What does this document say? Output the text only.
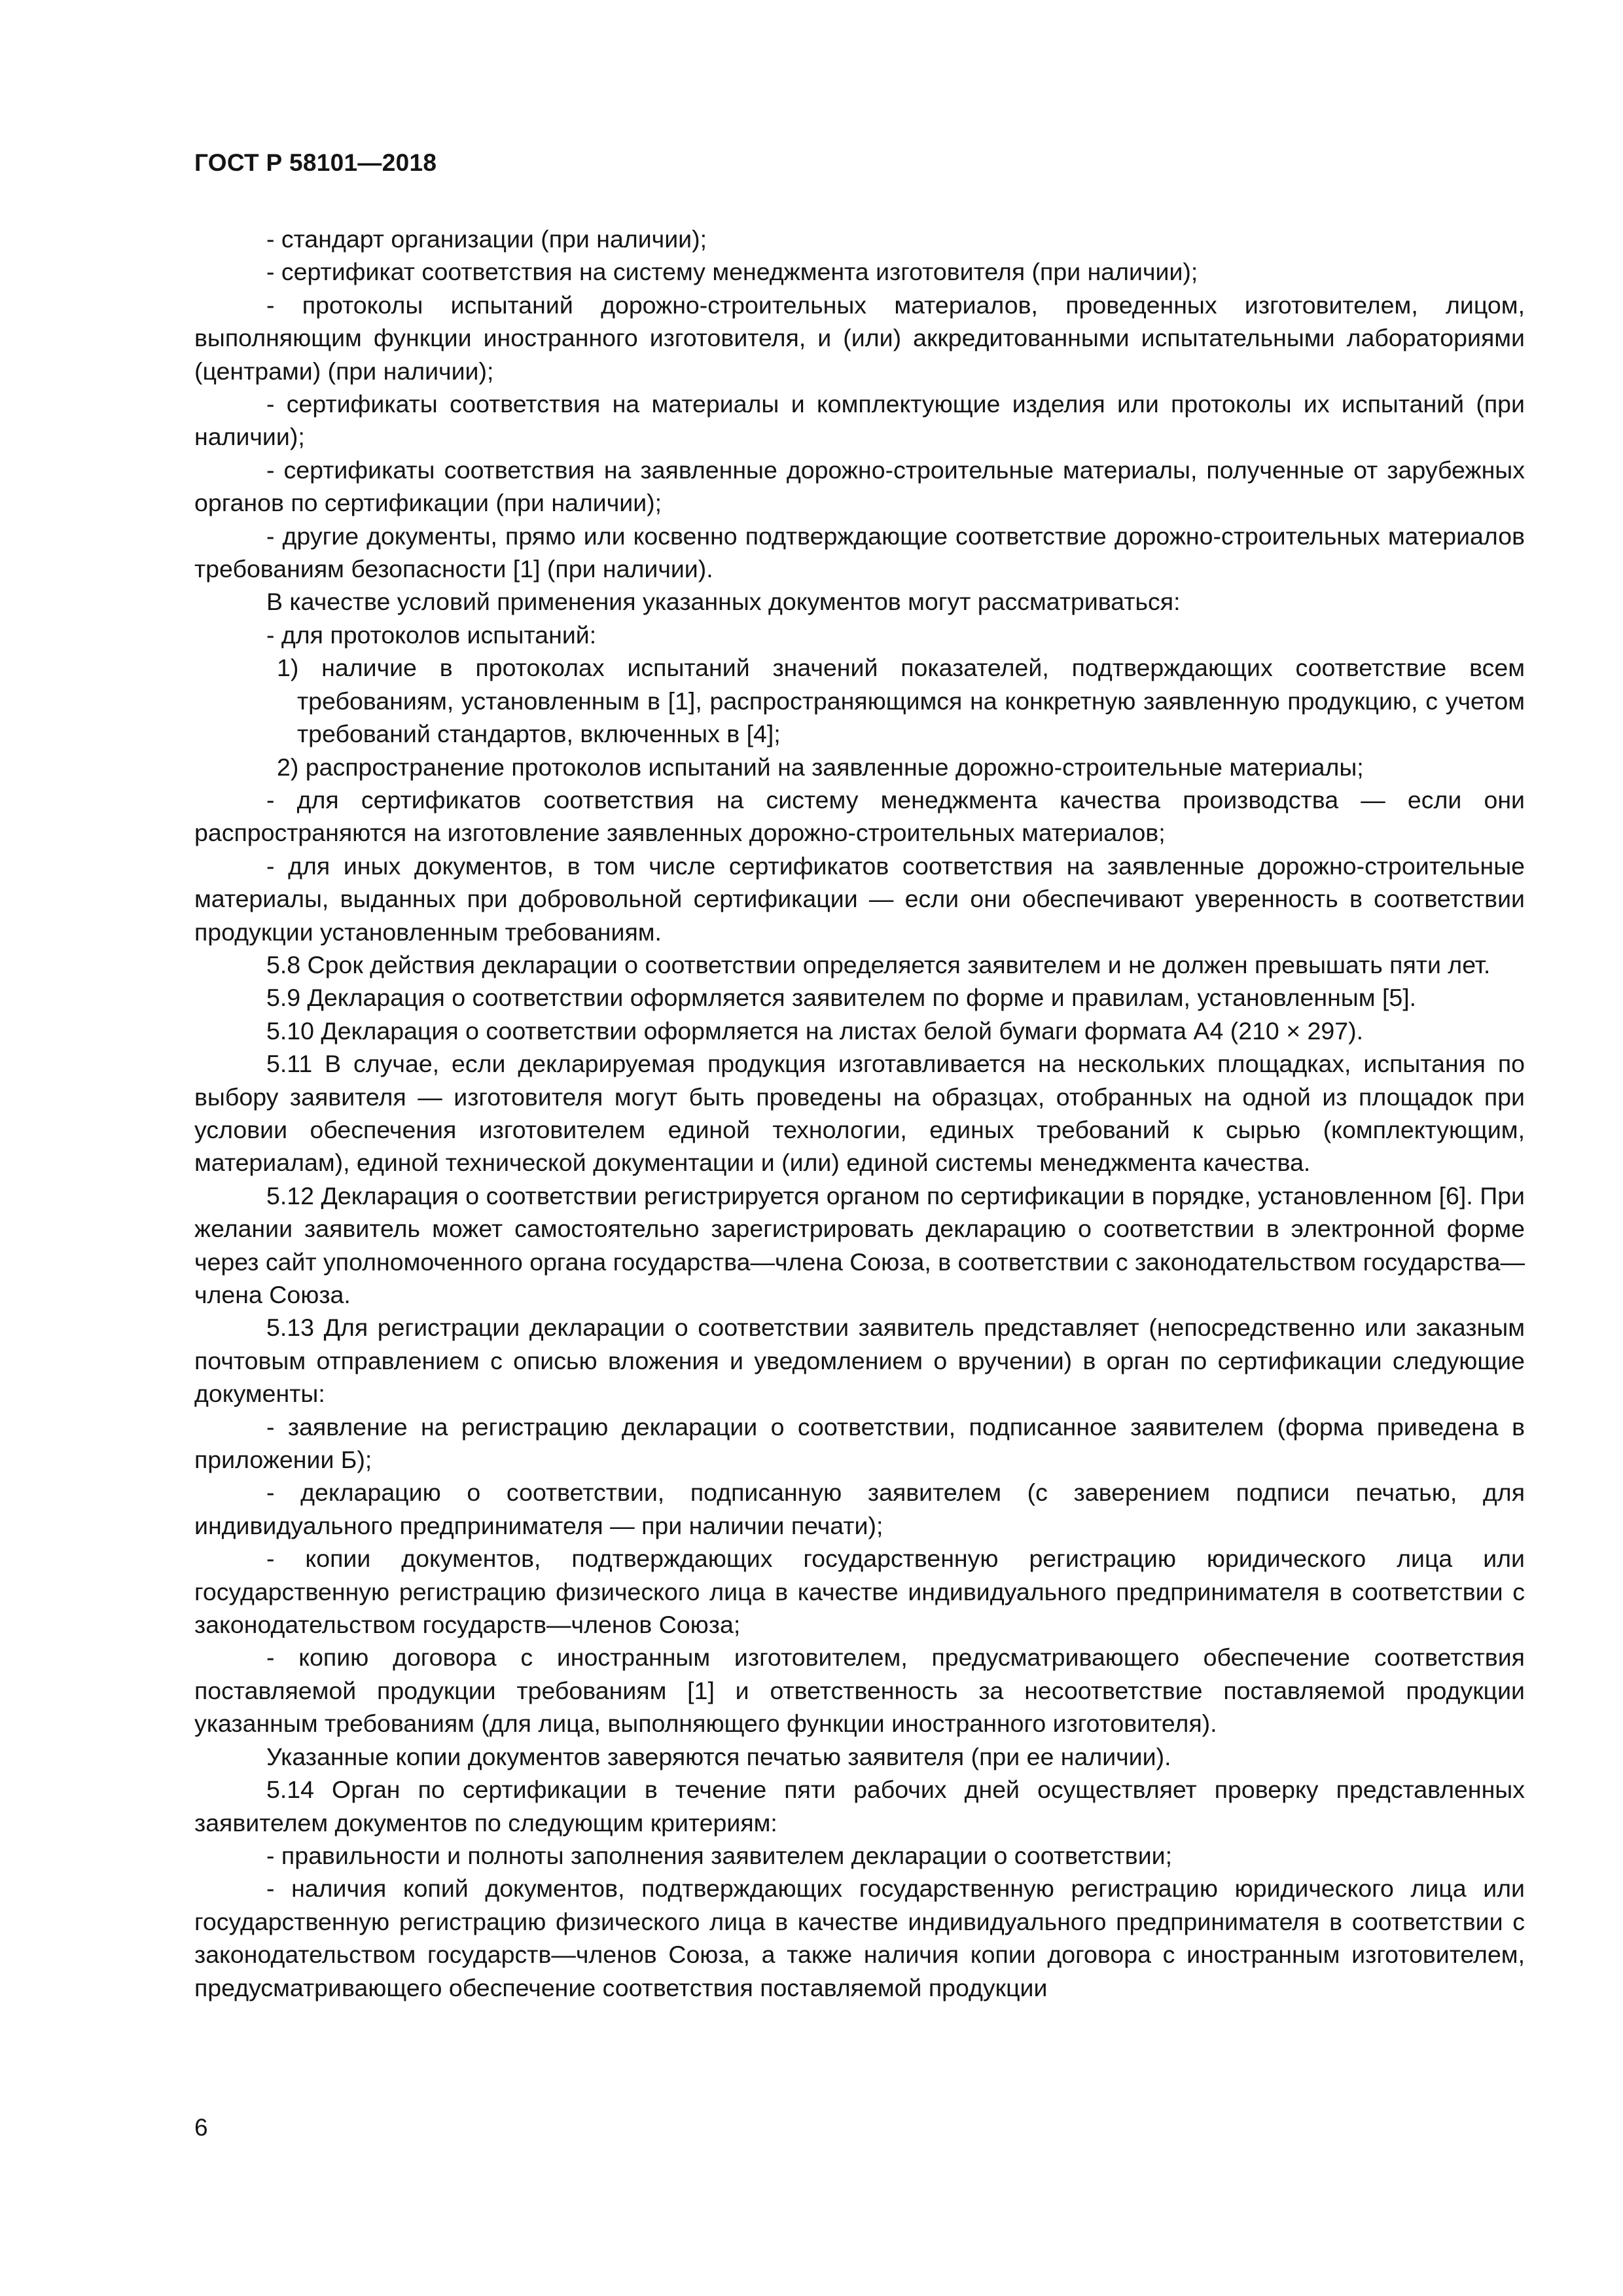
ГОСТ Р 58101—2018

- стандарт организации (при наличии);

- сертификат соответствия на систему менеджмента изготовителя (при наличии);

- протоколы испытаний дорожно-строительных материалов, проведенных изготовителем, лицом, выполняющим функции иностранного изготовителя, и (или) аккредитованными испытательными лабораториями (центрами) (при наличии);

- сертификаты соответствия на материалы и комплектующие изделия или протоколы их испытаний (при наличии);

- сертификаты соответствия на заявленные дорожно-строительные материалы, полученные от зарубежных органов по сертификации (при наличии);

- другие документы, прямо или косвенно подтверждающие соответствие дорожно-строительных материалов требованиям безопасности [1] (при наличии).

В качестве условий применения указанных документов могут рассматриваться:

- для протоколов испытаний:

1) наличие в протоколах испытаний значений показателей, подтверждающих соответствие всем требованиям, установленным в [1], распространяющимся на конкретную заявленную продукцию, с учетом требований стандартов, включенных в [4];

2) распространение протоколов испытаний на заявленные дорожно-строительные материалы;

- для сертификатов соответствия на систему менеджмента качества производства — если они распространяются на изготовление заявленных дорожно-строительных материалов;

- для иных документов, в том числе сертификатов соответствия на заявленные дорожно-строительные материалы, выданных при добровольной сертификации — если они обеспечивают уверенность в соответствии продукции установленным требованиям.

5.8 Срок действия декларации о соответствии определяется заявителем и не должен превышать пяти лет.

5.9 Декларация о соответствии оформляется заявителем по форме и правилам, установленным [5].

5.10 Декларация о соответствии оформляется на листах белой бумаги формата А4 (210 × 297).

5.11 В случае, если декларируемая продукция изготавливается на нескольких площадках, испытания по выбору заявителя — изготовителя могут быть проведены на образцах, отобранных на одной из площадок при условии обеспечения изготовителем единой технологии, единых требований к сырью (комплектующим, материалам), единой технической документации и (или) единой системы менеджмента качества.

5.12 Декларация о соответствии регистрируется органом по сертификации в порядке, установленном [6]. При желании заявитель может самостоятельно зарегистрировать декларацию о соответствии в электронной форме через сайт уполномоченного органа государства—члена Союза, в соответствии с законодательством государства—члена Союза.

5.13 Для регистрации декларации о соответствии заявитель представляет (непосредственно или заказным почтовым отправлением с описью вложения и уведомлением о вручении) в орган по сертификации следующие документы:

- заявление на регистрацию декларации о соответствии, подписанное заявителем (форма приведена в приложении Б);

- декларацию о соответствии, подписанную заявителем (с заверением подписи печатью, для индивидуального предпринимателя — при наличии печати);

- копии документов, подтверждающих государственную регистрацию юридического лица или государственную регистрацию физического лица в качестве индивидуального предпринимателя в соответствии с законодательством государств—членов Союза;

- копию договора с иностранным изготовителем, предусматривающего обеспечение соответствия поставляемой продукции требованиям [1] и ответственность за несоответствие поставляемой продукции указанным требованиям (для лица, выполняющего функции иностранного изготовителя).

Указанные копии документов заверяются печатью заявителя (при ее наличии).

5.14 Орган по сертификации в течение пяти рабочих дней осуществляет проверку представленных заявителем документов по следующим критериям:

- правильности и полноты заполнения заявителем декларации о соответствии;

- наличия копий документов, подтверждающих государственную регистрацию юридического лица или государственную регистрацию физического лица в качестве индивидуального предпринимателя в соответствии с законодательством государств—членов Союза, а также наличия копии договора с иностранным изготовителем, предусматривающего обеспечение соответствия поставляемой продукции

6
